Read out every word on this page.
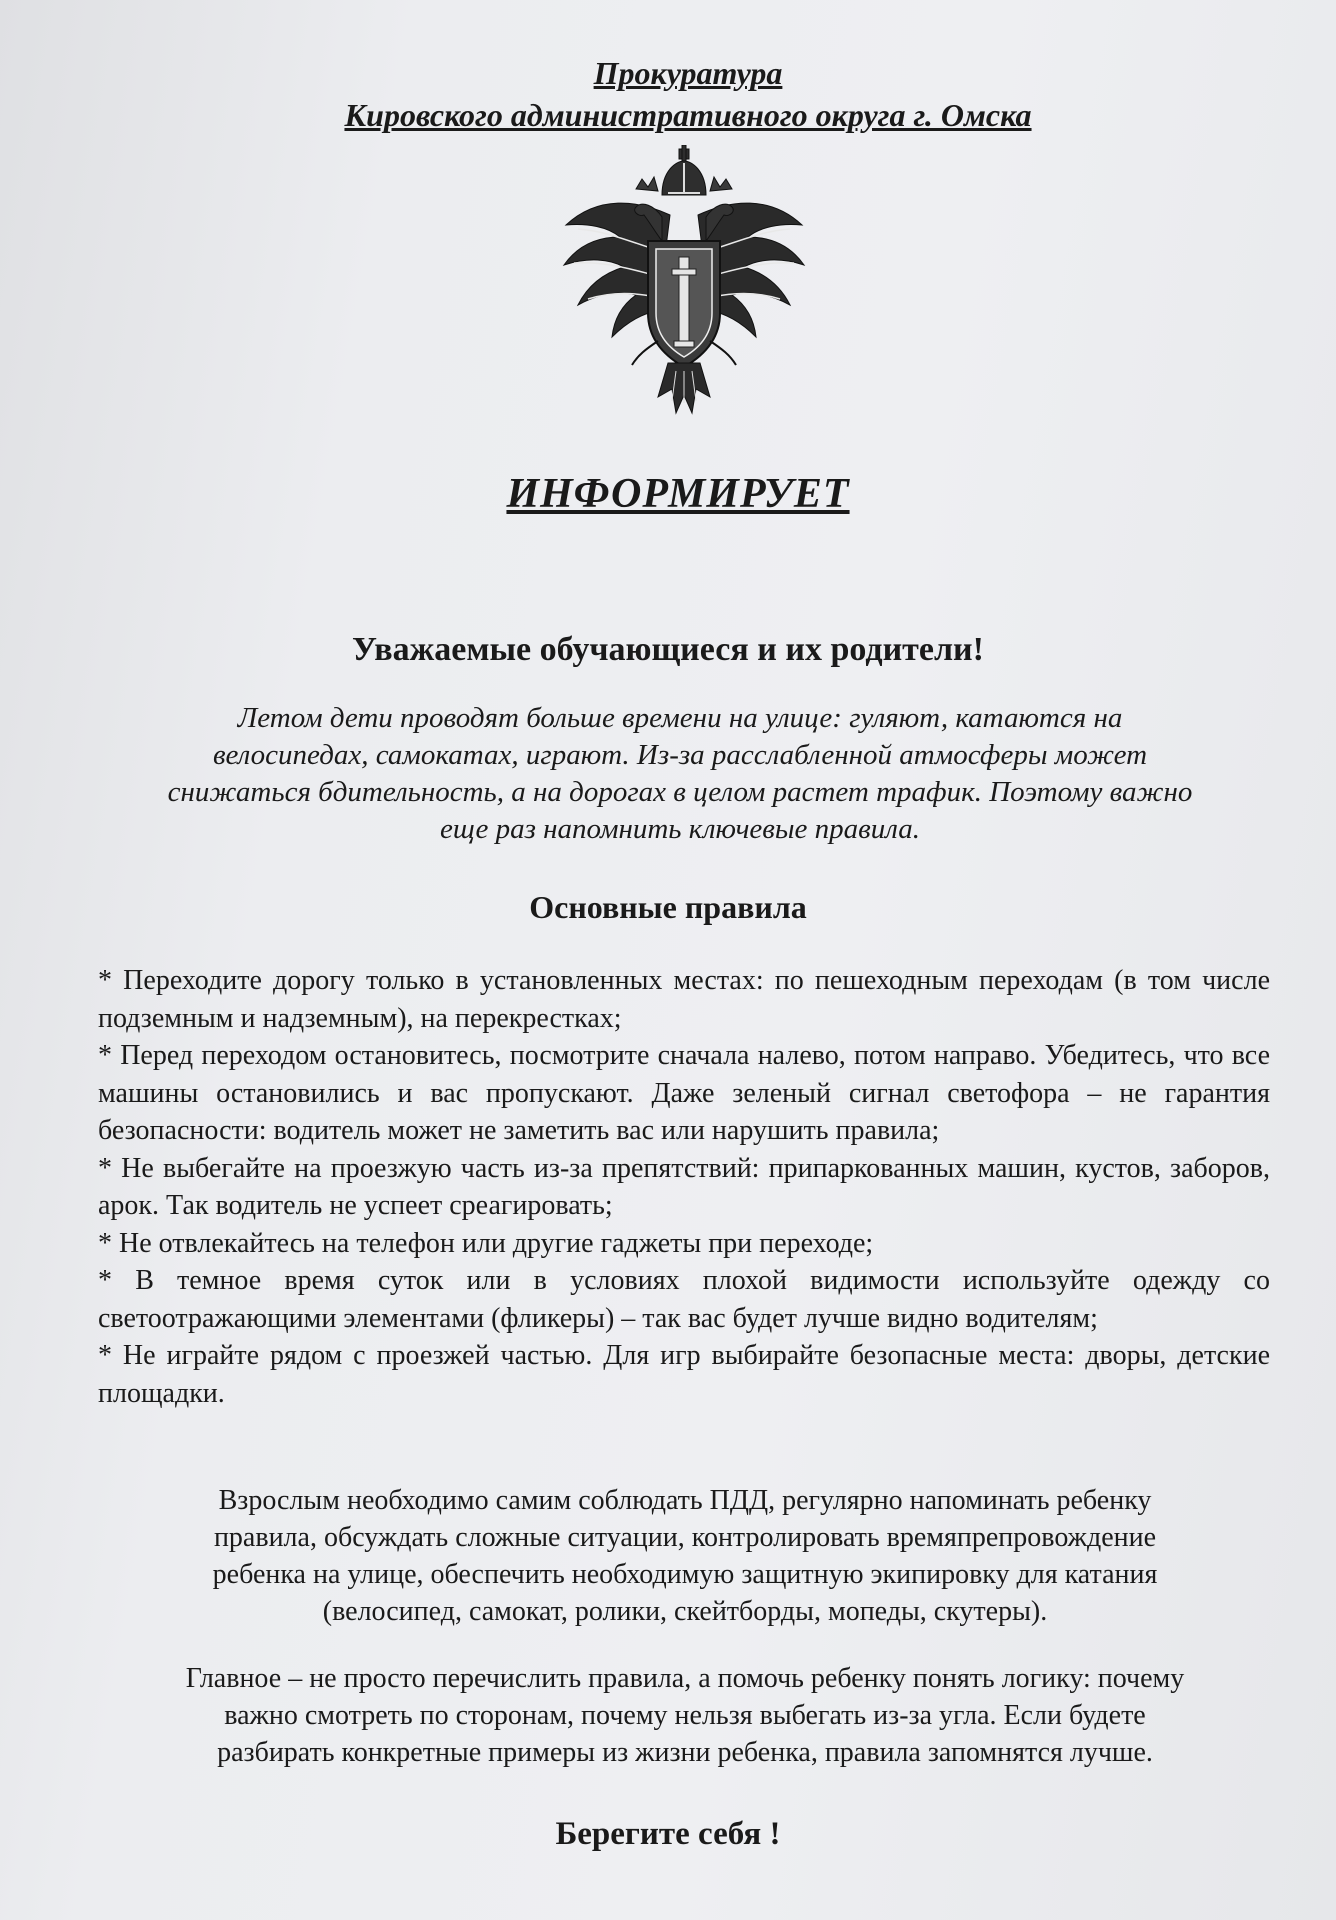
Прокуратура
Кировского административного округа г. Омска
ИНФОРМИРУЕТ
Уважаемые обучающиеся и их родители!
Летом дети проводят больше времени на улице: гуляют, катаются на
велосипедах, самокатах, играют. Из-за расслабленной атмосферы может
снижаться бдительность, а на дорогах в целом растет трафик. Поэтому важно
еще раз напомнить ключевые правила.
Основные правила

* Переходите дорогу только в установленных местах: по пешеходным переходам (в том числе подземным и надземным), на перекрестках;

* Перед переходом остановитесь, посмотрите сначала налево, потом направо. Убедитесь, что все машины остановились и вас пропускают. Даже зеленый сигнал светофора – не гарантия безопасности: водитель может не заметить вас или нарушить правила;

* Не выбегайте на проезжую часть из-за препятствий: припаркованных машин, кустов, заборов, арок. Так водитель не успеет среагировать;

* Не отвлекайтесь на телефон или другие гаджеты при переходе;

* В темное время суток или в условиях плохой видимости используйте одежду со светоотражающими элементами (фликеры) – так вас будет лучше видно водителям;

* Не играйте рядом с проезжей частью. Для игр выбирайте безопасные места: дворы, детские площадки.

Взрослым необходимо самим соблюдать ПДД, регулярно напоминать ребенку
правила, обсуждать сложные ситуации, контролировать времяпрепровождение
ребенка на улице, обеспечить необходимую защитную экипировку для катания
(велосипед, самокат, ролики, скейтборды, мопеды, скутеры).
Главное – не просто перечислить правила, а помочь ребенку понять логику: почему
важно смотреть по сторонам, почему нельзя выбегать из-за угла. Если будете
разбирать конкретные примеры из жизни ребенка, правила запомнятся лучше.
Берегите себя !
